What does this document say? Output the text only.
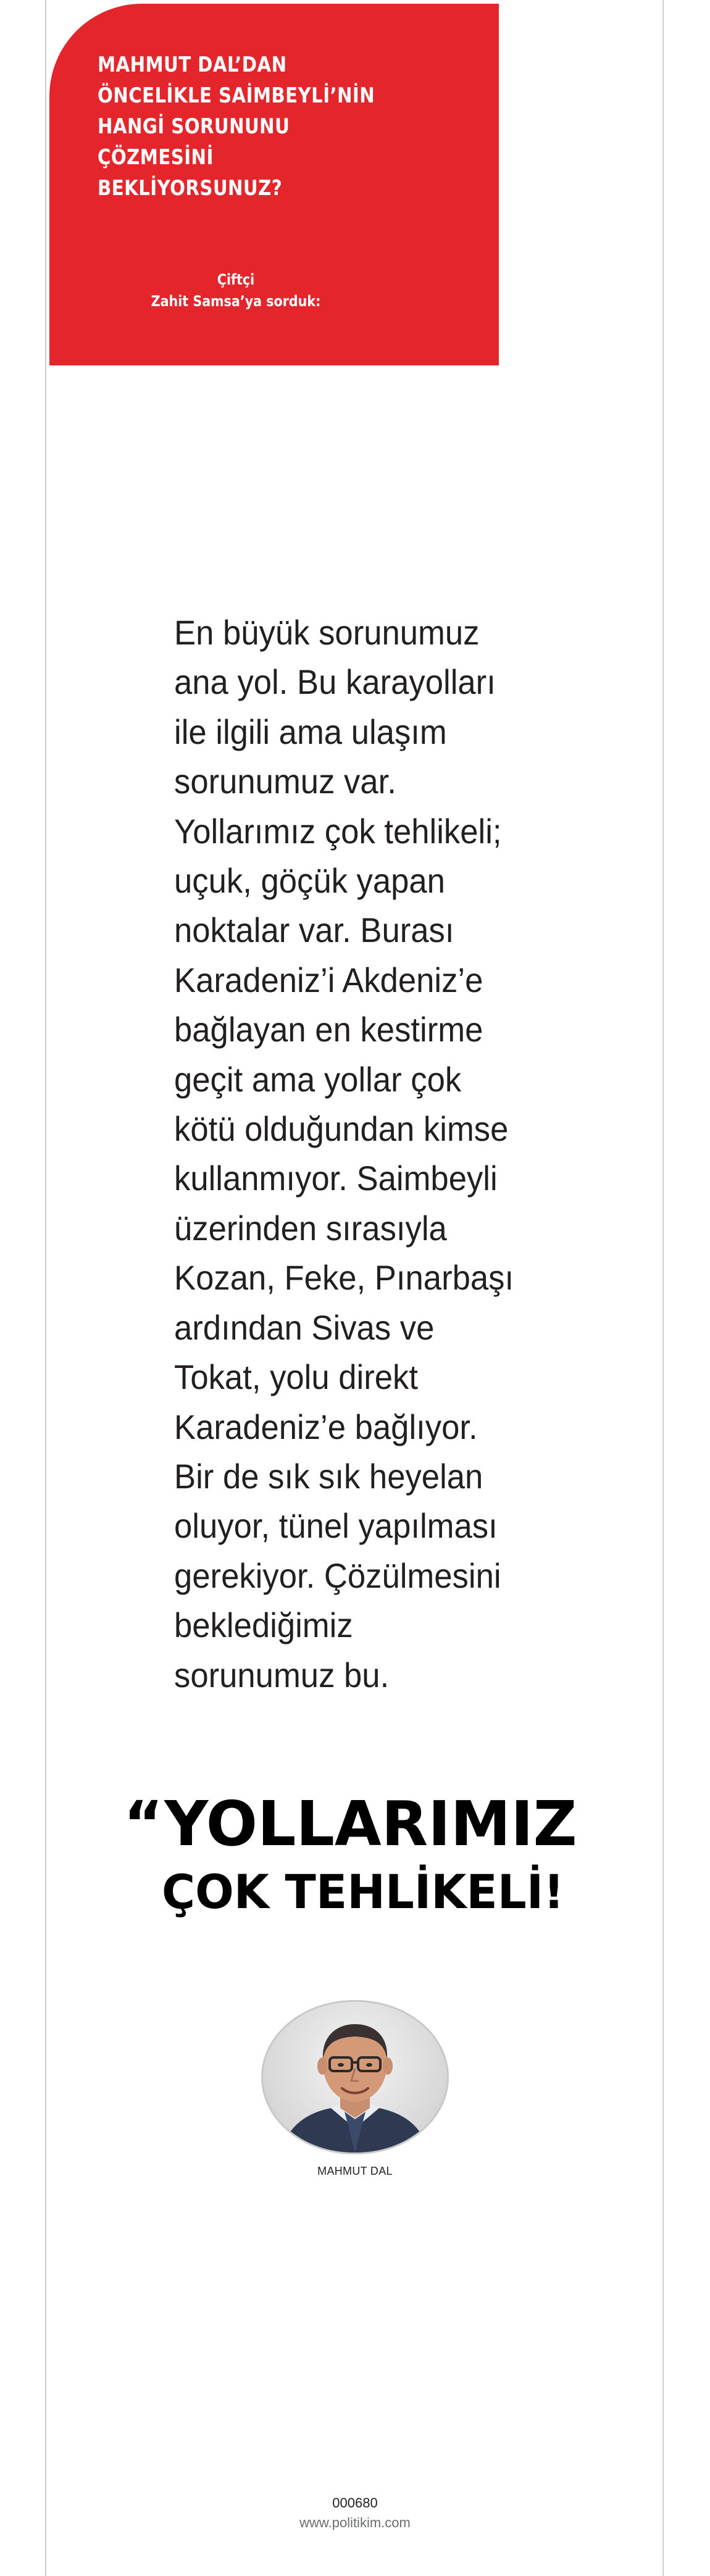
MAHMUT DAL’DAN
ÖNCELİKLE SAİMBEYLİ’NİN
HANGİ SORUNUNU
ÇÖZMESİNİ
BEKLİYORSUNUZ?
Çiftçi
Zahit Samsa’ya sorduk:
En büyük sorunumuz
ana yol. Bu karayolları
ile ilgili ama ulaşım
sorunumuz var.
Yollarımız çok tehlikeli;
uçuk, göçük yapan
noktalar var. Burası
Karadeniz’i Akdeniz’e
bağlayan en kestirme
geçit ama yollar çok
kötü olduğundan kimse
kullanmıyor. Saimbeyli
üzerinden sırasıyla
Kozan, Feke, Pınarbaşı
ardından Sivas ve
Tokat, yolu direkt
Karadeniz’e bağlıyor.
Bir de sık sık heyelan
oluyor, tünel yapılması
gerekiyor. Çözülmesini
beklediğimiz
sorunumuz bu.
“YOLLARIMIZ
ÇOK TEHLİKELİ!
MAHMUT DAL
000680
www.politikim.com
